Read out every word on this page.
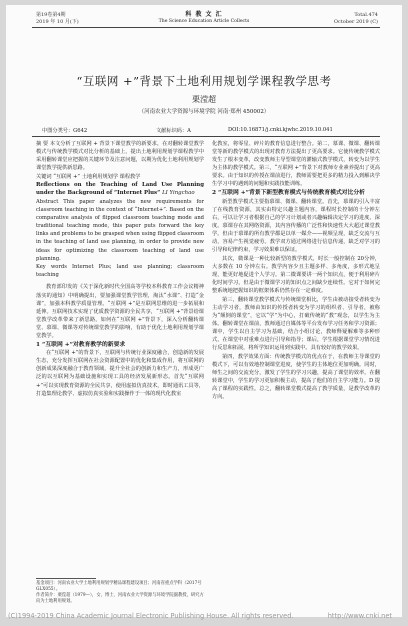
第19卷第4期
2019 年 10 月(下)
科 教 文 汇
The Science Education Article Collects
Total.474
October 2019 (C)
“互联网 +”背景下土地利用规划学课程教学思考
栗滢超
（河南农业大学资源与环境学院 河南·郑州 450002）
中图分类号：G642	文献标识码：A	DOI:10.16871/j.cnki.kjwhc.2019.10.041

摘 要 本文分析了互联网 + 背景下课堂教学的新要求，在对翻转课堂教学模式与传统教学模式对比分析的基础上，提出土地利用规划学课程教学中采用翻转课堂应把握的关键环节及注意问题，以期为优化土地利用规划学课堂教学提供新思路。

关键词 “互联网 +” 土地利用规划学 课程教学

Reflections on the Teaching of Land Use Planning under the Background of “Internet Plus” LI Yingchao

Abstract This paper analyzes the new requirements for classroom teaching in the context of “Internet+”. Based on the comparative analysis of flipped classroom teaching mode and traditional teaching mode, this paper puts forward the key links and problems to be grasped when using flipped classroom in the teaching of land use planning, in order to provide new ideas for optimizing the classroom teaching of land use planning.

Key words Internet Plus; land use planning; classroom teaching

教育部印发的《关于深化新时代全国高等学校本科教育工作会议精神落实的通知》中明确提出，要加强课堂教学管理，淘汰“水课”、打造“金课”，加强本科教学质量管理。“互联网 +”是互联网思维的进一步拓展和延伸。互联网技术实现了优质教学资源的全民共享，“互联网 +”背景给课堂教学改革带来了新思路，如何在“互联网 +”背景下，深入分析翻转课堂、慕课、微课等对传统课堂教学的影响，有助于优化土地利用规划学课堂教学。

1 “互联网 +”对教育教学的新要求

在“互联网 +”的背景下，互联网与传统行业深度融合，创造新的发展生态，充分发挥互联网在社会资源配置中的优化和集成作用，将互联网的创新成果深度融合于教育领域，提升全社会的创新力和生产力，形成更广泛的以互联网为基础设施和实现工具的经济发展新形态。首先“互联网 +”可以实现教育资源的全民共享，使用虚拟仿真技术，即时通讯工具等，打造集理论教学、虚拟仿真实验和实践操作于一体的现代化教室

化教室，将零星、碎片的教育信息进行整合。第二，慕课、微课、翻转课堂等新的教学模式的出现对教育方法提出了更高要求。它使传统教学模式发生了根本变革，改变教师主导型课堂的灌输式教学模式，转变为以学生为主体的教学模式。第三，“互联网 +”背景下对教师专业素养提出了更高要求。由于知识的传授在课前进行，教师需要把更多的精力投入到解决学生学习中的遇到的问题和实践技能训练。

2 “互联网 +”背景下新型教育模式与传统教育模式对比分析

新型教学模式主要指慕课、微课、翻转课堂。首先，慕课的引入丰富了在线教育资源，其实由特定兴趣主题内容，课程时长控制的十分钟左右，可以让学习者根据自己的学习计划或者兴趣编辑决定学习的进度、深度。慕课存在其网络资源，其内容传播的广泛性和快速性大大超过课堂教学。但由于慕课的所有教学都是以单一媒介——视频呈现，缺乏交流与互动，容易产生视觉疲劳。教学双方通过网络进行信息传递，缺乏对学习的引导和纪律约束，学习效果难以保证。

其次，微课是一种比较新型的教学模式，时长一般控制在 20分钟，大多数在 10 分钟左右。教学内容少且主题多样、多角度，多形式地呈现，能更好地促进个人学习。第二微课要讲一两个知识点，便于利用碎片化时间学习，但是由于微课学习的知识点之间缺少连续性。它对于如何完整系统地把握知识的框架体系仍然存在一定难度。

第三，翻转课堂教学模式与传统课堂相比，学生由被动接受者转变为主动学习者，教师由知识的传授者转变为学习的组织者、引导者，被称为“颠倒的课堂”，它以“学”为中心，打破传统的“教”观念，以学生为主体。翻转课堂在课前，教师通过自媒体等平台发布学习任务和学习资源；课中，学生以自主学习为基础，结合小组讨论，教师释疑解难等多种形式，在课堂中对重难点进行引导和指导；课后，学生根据课堂学习情况进行反思和拓展，将所学知识运用到实践中。具有较好的教学效果。

第四，教学效果方面：传统教学模式的优点在于，在教师主导课堂的模式下，可以有效地控制课堂进度，使学生的主体地位更加明确。同时，师生之间的交流充分，激发了学生的学习兴趣，提高了课堂的效率。在翻转课堂中，学生的学习更加积极主动，提高了他们的自主学习能力。D 提高了课程的实践性。总之，翻转课堂模式提高了教学质量，是教学改革的方向。

基金项目：河南农业大学土地利用规划学精品课程建设项目；河南省重点学科（2017号GLX055）。
作者简介：栗滢超（1979—），女，博士，河南农业大学资源与环境学院副教授，研究方向为土地利用规划。
(C)1994-2019 China Academic Journal Electronic Publishing House. All rights reserved.	http://www.cnki.net
